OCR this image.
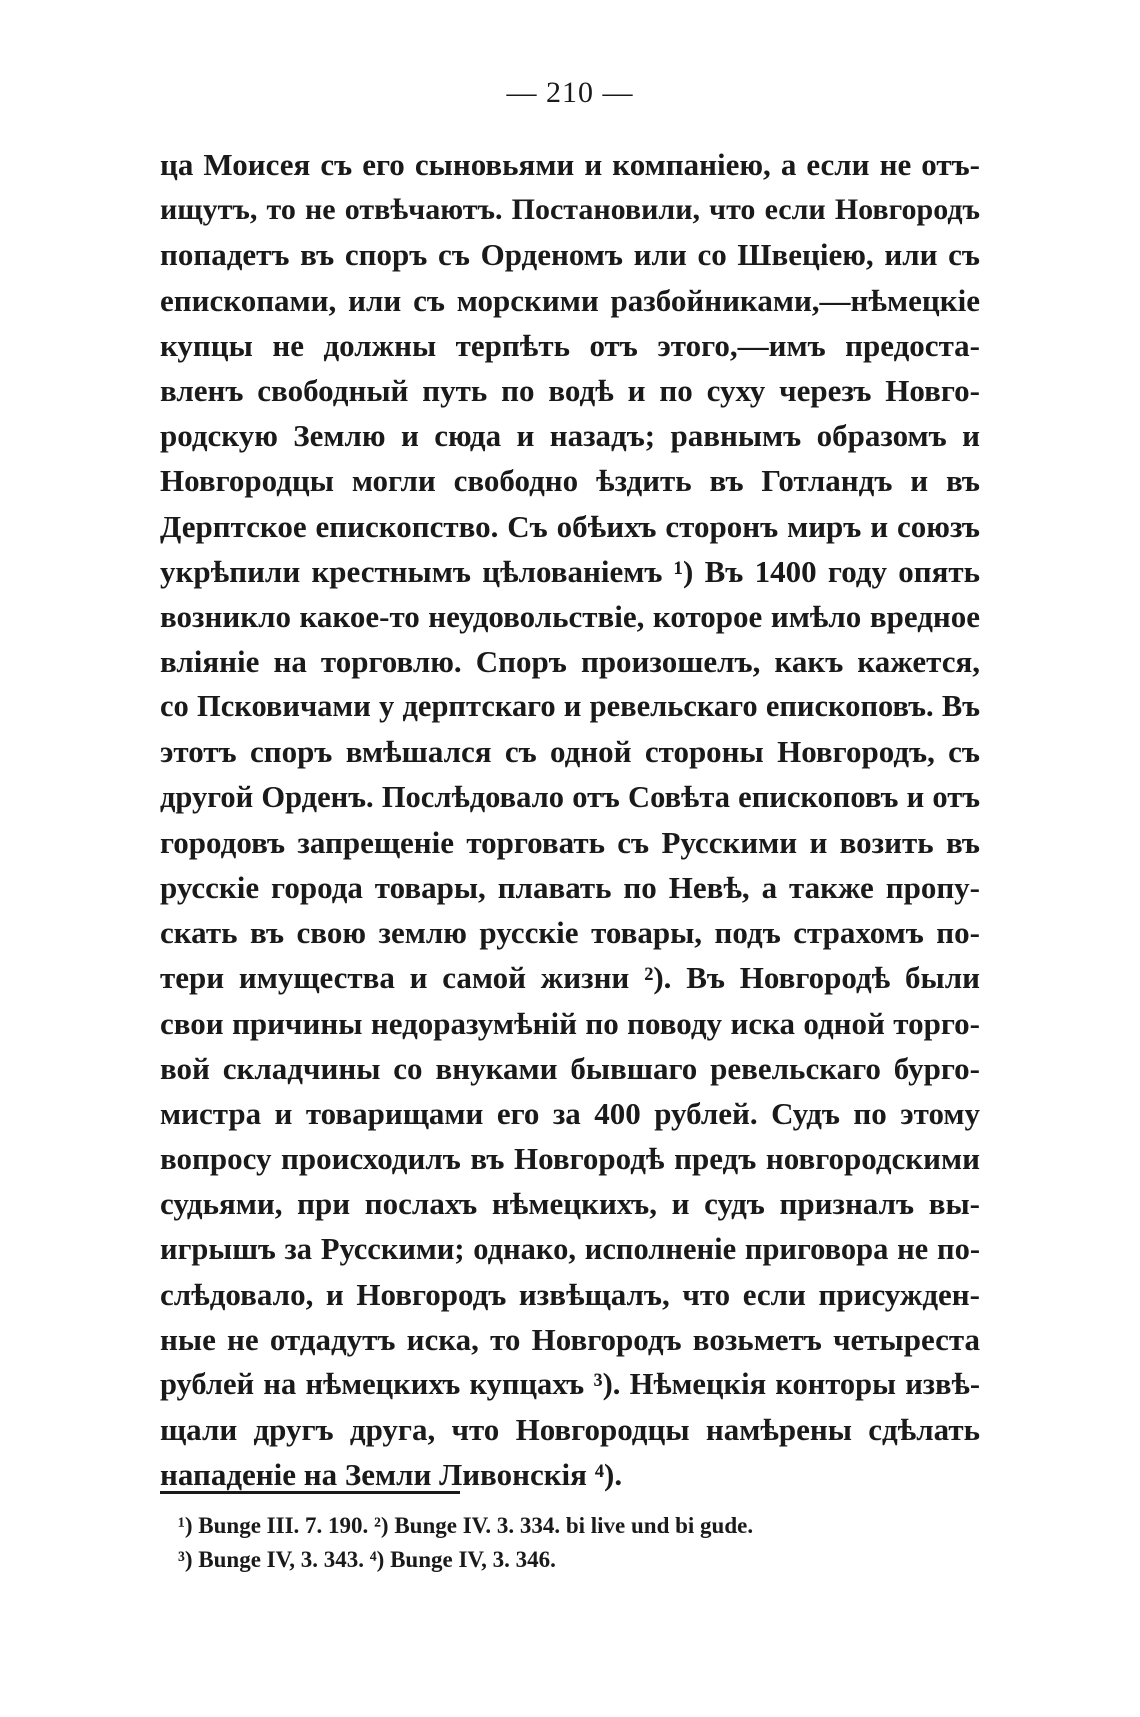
— 210 —
ца Моисея съ его сыновьями и компаніею, а если не отъ-
ищутъ, то не отвѣчаютъ. Постановили, что если Новгородъ
попадетъ въ споръ съ Орденомъ или со Швеціею, или съ
епископами, или съ морскими разбойниками,—нѣмецкіе
купцы не должны терпѣть отъ этого,—имъ предоста-
вленъ свободный путь по водѣ и по суху черезъ Новго-
родскую Землю и сюда и назадъ; равнымъ образомъ и
Новгородцы могли свободно ѣздить въ Готландъ и въ
Дерптское епископство. Съ обѣихъ сторонъ миръ и союзъ
укрѣпили крестнымъ цѣлованіемъ ¹) Въ 1400 году опять
возникло какое-то неудовольствіе, которое имѣло вредное
вліяніе на торговлю. Споръ произошелъ, какъ кажется,
со Псковичами у дерптскаго и ревельскаго епископовъ. Въ
этотъ споръ вмѣшался съ одной стороны Новгородъ, съ
другой Орденъ. Послѣдовало отъ Совѣта епископовъ и отъ
городовъ запрещеніе торговать съ Русскими и возить въ
русскіе города товары, плавать по Невѣ, а также пропу-
скать въ свою землю русскіе товары, подъ страхомъ по-
тери имущества и самой жизни ²). Въ Новгородѣ были
свои причины недоразумѣній по поводу иска одной торго-
вой складчины со внуками бывшаго ревельскаго бурго-
мистра и товарищами его за 400 рублей. Судъ по этому
вопросу происходилъ въ Новгородѣ предъ новгородскими
судьями, при послахъ нѣмецкихъ, и судъ призналъ вы-
игрышъ за Русскими; однако, исполненіе приговора не по-
слѣдовало, и Новгородъ извѣщалъ, что если присужден-
ные не отдадутъ иска, то Новгородъ возьметъ четыреста
рублей на нѣмецкихъ купцахъ ³). Нѣмецкія конторы извѣ-
щали другъ друга, что Новгородцы намѣрены сдѣлать
нападеніе на Земли Ливонскія ⁴).
¹) Bunge III. 7. 190. ²) Bunge IV. 3. 334. bi live und bi gude.
³) Bunge IV, 3. 343. ⁴) Bunge IV, 3. 346.
